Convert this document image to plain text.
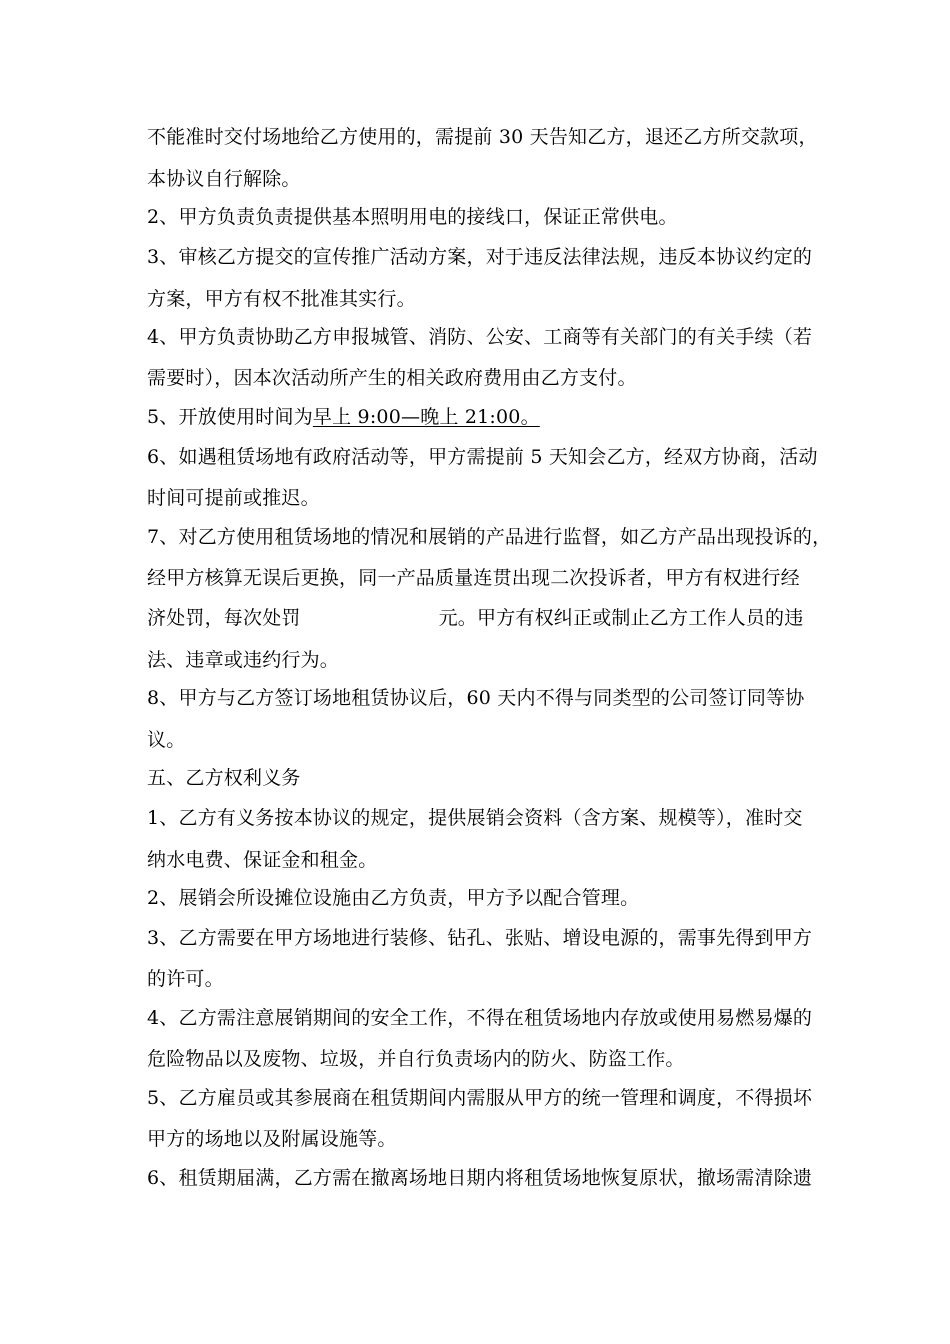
不能准时交付场地给乙方使用的，需提前 30 天告知乙方，退还乙方所交款项，
本协议自行解除。
2、甲方负责负责提供基本照明用电的接线口，保证正常供电。
3、审核乙方提交的宣传推广活动方案，对于违反法律法规，违反本协议约定的
方案，甲方有权不批准其实行。
4、甲方负责协助乙方申报城管、消防、公安、工商等有关部门的有关手续（若
需要时），因本次活动所产生的相关政府费用由乙方支付。
5、开放使用时间为早上 9:00—晚上 21:00。
6、如遇租赁场地有政府活动等，甲方需提前 5 天知会乙方，经双方协商，活动
时间可提前或推迟。
7、对乙方使用租赁场地的情况和展销的产品进行监督，如乙方产品出现投诉的，
经甲方核算无误后更换，同一产品质量连贯出现二次投诉者，甲方有权进行经
济处罚，每次处罚	元。甲方有权纠正或制止乙方工作人员的违
法、违章或违约行为。
8、甲方与乙方签订场地租赁协议后，60 天内不得与同类型的公司签订同等协
议。
五、乙方权利义务
1、乙方有义务按本协议的规定，提供展销会资料（含方案、规模等），准时交
纳水电费、保证金和租金。
2、展销会所设摊位设施由乙方负责，甲方予以配合管理。
3、乙方需要在甲方场地进行装修、钻孔、张贴、增设电源的，需事先得到甲方
的许可。
4、乙方需注意展销期间的安全工作，不得在租赁场地内存放或使用易燃易爆的
危险物品以及废物、垃圾，并自行负责场内的防火、防盗工作。
5、乙方雇员或其参展商在租赁期间内需服从甲方的统一管理和调度，不得损坏
甲方的场地以及附属设施等。
6、租赁期届满，乙方需在撤离场地日期内将租赁场地恢复原状，撤场需清除遗
